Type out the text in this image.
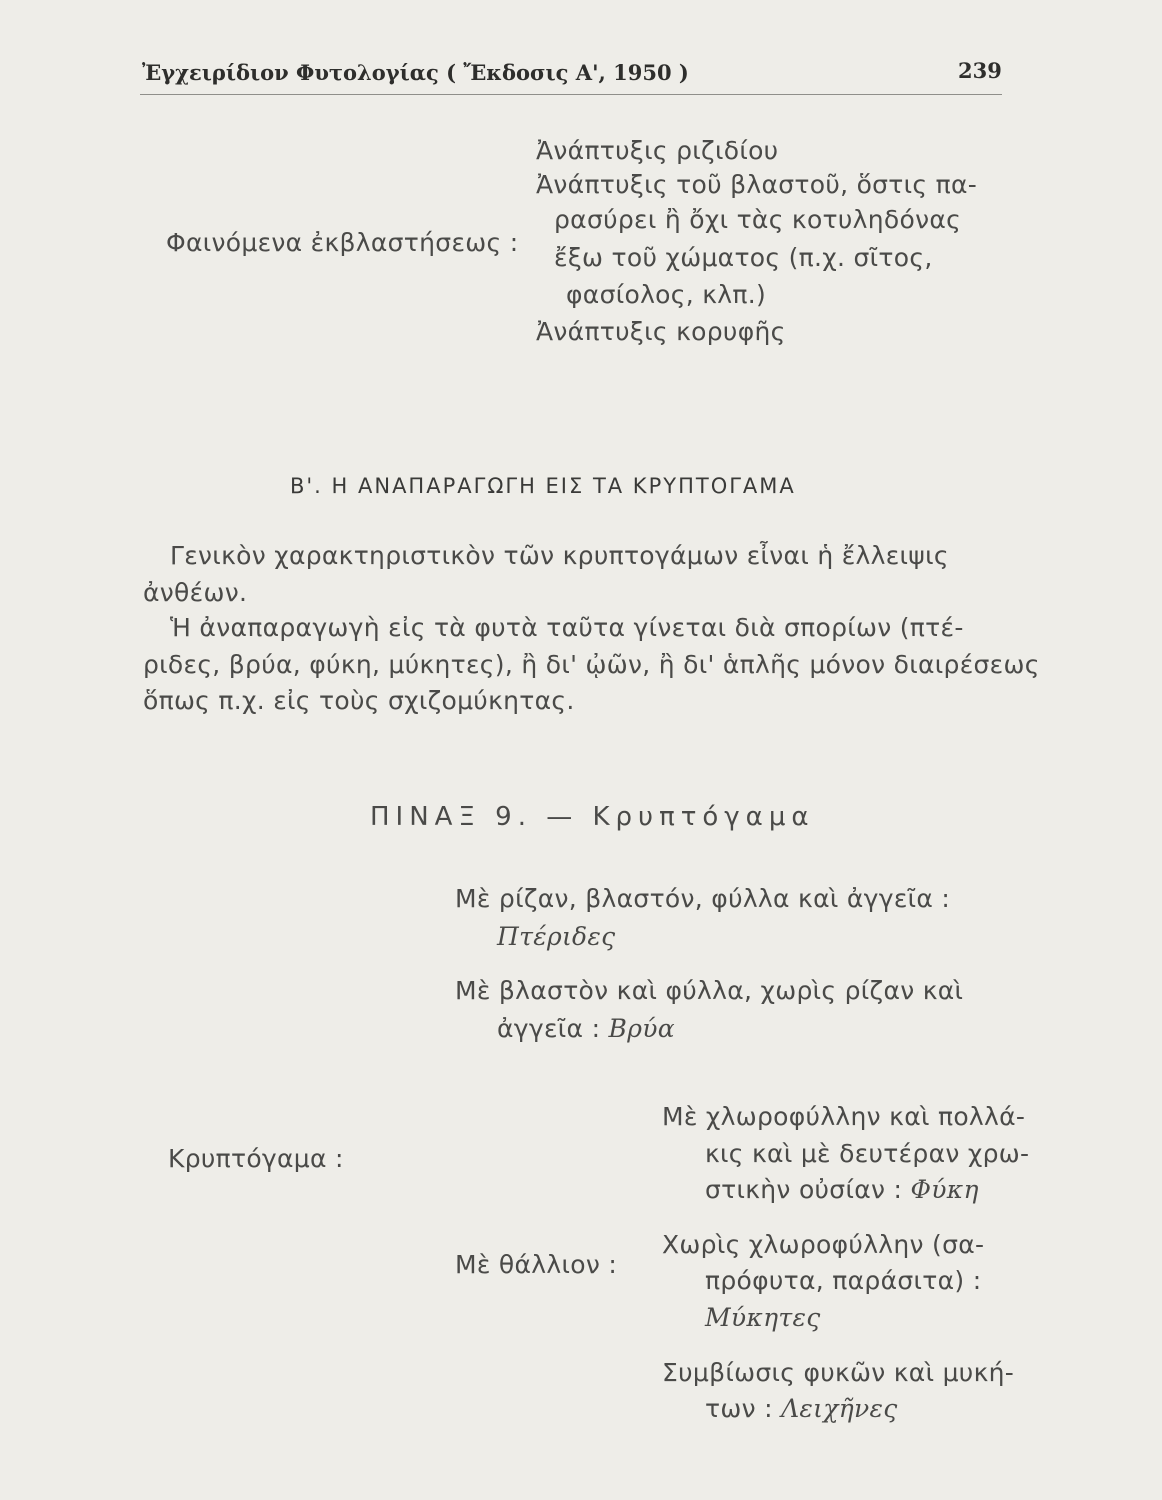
Ἐγχειρίδιον Φυτολογίας ( Ἔκδοσις Α', 1950 )	239
Φαινόμενα ἐκβλαστήσεως :
Ἀνάπτυξις ριζιδίου
Ἀνάπτυξις τοῦ βλαστοῦ, ὅστις πα-
ρασύρει ἢ ὄχι τὰς κοτυληδόνας
ἔξω τοῦ χώματος (π.χ. σῖτος,
φασίολος, κλπ.)
Ἀνάπτυξις κορυφῆς
Β'. Η ΑΝΑΠΑΡΑΓΩΓΗ ΕΙΣ ΤΑ ΚΡΥΠΤΟΓΑΜΑ
Γενικὸν χαρακτηριστικὸν τῶν κρυπτογάμων εἶναι ἡ ἔλλειψις
ἀνθέων.
Ἡ ἀναπαραγωγὴ εἰς τὰ φυτὰ ταῦτα γίνεται διὰ σπορίων (πτέ-
ριδες, βρύα, φύκη, μύκητες), ἢ δι' ᾠῶν, ἢ δι' ἁπλῆς μόνον διαιρέσεως
ὅπως π.χ. εἰς τοὺς σχιζομύκητας.
ΠΙΝΑΞ 9. — Κρυπτόγαμα
Μὲ ρίζαν, βλαστόν, φύλλα καὶ ἀγγεῖα :
Πτέριδες
Μὲ βλαστὸν καὶ φύλλα, χωρὶς ρίζαν καὶ
ἀγγεῖα : Βρύα
Κρυπτόγαμα :
Μὲ χλωροφύλλην καὶ πολλά-
κις καὶ μὲ δευτέραν χρω-
στικὴν οὐσίαν : Φύκη
Μὲ θάλλιον :
Χωρὶς χλωροφύλλην (σα-
πρόφυτα, παράσιτα) :
Μύκητες
Συμβίωσις φυκῶν καὶ μυκή-
των : Λειχῆνες
